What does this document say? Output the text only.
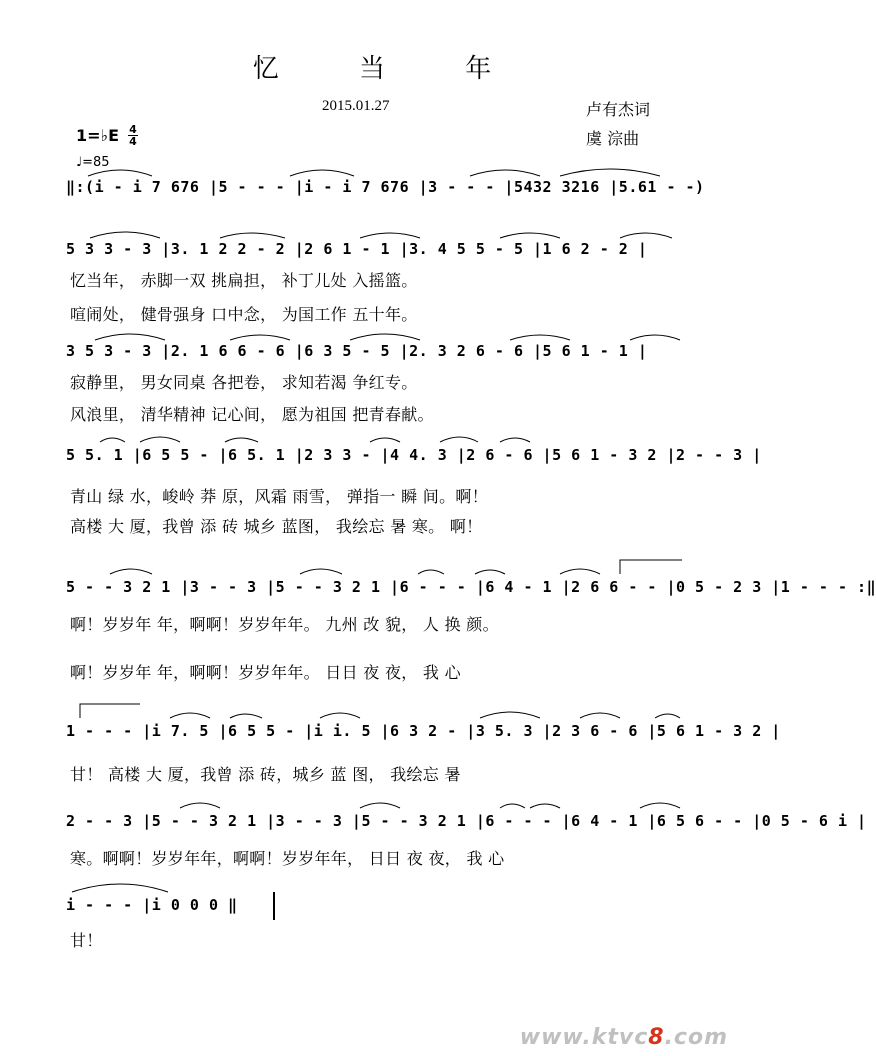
忆 当 年
2015.01.27	卢有杰词
虞 淙曲
1=♭E 4
4
♩=85
‖:(i - i 7 676 |5 - - - |i - i 7 676 |3 - - - |5432 3216 |5.61 - -)
5 3 3 - 3 |3. 1 2 2 - 2 |2 6 1 - 1 |3. 4 5 5 - 5 |1 6 2 - 2 |
忆当年， 赤脚一双 挑扁担， 补丁儿处 入摇篮。
喧闹处， 健骨强身 口中念， 为国工作 五十年。
3 5 3 - 3 |2. 1 6 6 - 6 |6 3 5 - 5 |2. 3 2 6 - 6 |5 6 1 - 1 |
寂静里， 男女同桌 各把卷， 求知若渴 争红专。
风浪里， 清华精神 记心间， 愿为祖国 把青春献。
5 5. 1 |6 5 5 - |6 5. 1 |2 3 3 - |4 4. 3 |2 6 - 6 |5 6 1 - 3 2 |2 - - 3 |
青山 绿 水，峻岭 莽 原，风霜 雨雪， 弹指一 瞬 间。啊！
高楼 大 厦，我曾 添 砖 城乡 蓝图， 我绘忘 暑 寒。 啊！
5 - - 3 2 1 |3 - - 3 |5 - - 3 2 1 |6 - - - |6 4 - 1 |2 6 6 - - |0 5 - 2 3 |1 - - - :‖
啊！岁岁年 年，啊啊！岁岁年年。 九州 改 貌， 人 换 颜。
啊！岁岁年 年，啊啊！岁岁年年。 日日 夜 夜， 我 心
1 - - - |i 7. 5 |6 5 5 - |i i. 5 |6 3 2 - |3 5. 3 |2 3 6 - 6 |5 6 1 - 3 2 |
甘！ 高楼 大 厦，我曾 添 砖，城乡 蓝 图， 我绘忘 暑
2 - - 3 |5 - - 3 2 1 |3 - - 3 |5 - - 3 2 1 |6 - - - |6 4 - 1 |6 5 6 - - |0 5 - 6 i |
寒。啊啊！岁岁年年，啊啊！岁岁年年， 日日 夜 夜， 我 心
i - - - |i 0 0 0 ‖
甘！
www.ktvc8.com
